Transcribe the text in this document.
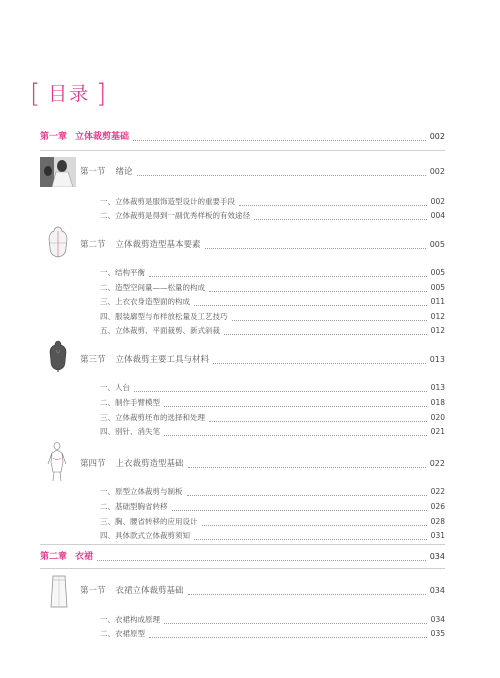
[ 目录 ]
第一章 立体裁剪基础	002
第一节 绪论	002
一、立体裁剪是服饰造型设计的重要手段	002
二、立体裁剪是得到一副优秀样板的有效途径	004
第二节 立体裁剪造型基本要素	005
一、结构平衡	005
二、造型空间量——松量的构成	005
三、上衣衣身造型面的构成	011
四、服装廓型与布样放松量及工艺技巧	012
五、立体裁剪、平面裁剪、新式斜裁	012
第三节 立体裁剪主要工具与材料	013
一、人台	013
二、制作手臂模型	018
三、立体裁剪坯布的选择和处理	020
四、别针、消失笔	021
第四节 上衣裁剪造型基础	022
一、原型立体裁剪与制板	022
二、基础型胸省转移	026
三、胸、腰省转移的应用设计	028
四、具体款式立体裁剪须知	031
第二章 衣裙	034
第一节 衣裙立体裁剪基础	034
一、衣裙构成原理	034
二、衣裙原型	035
